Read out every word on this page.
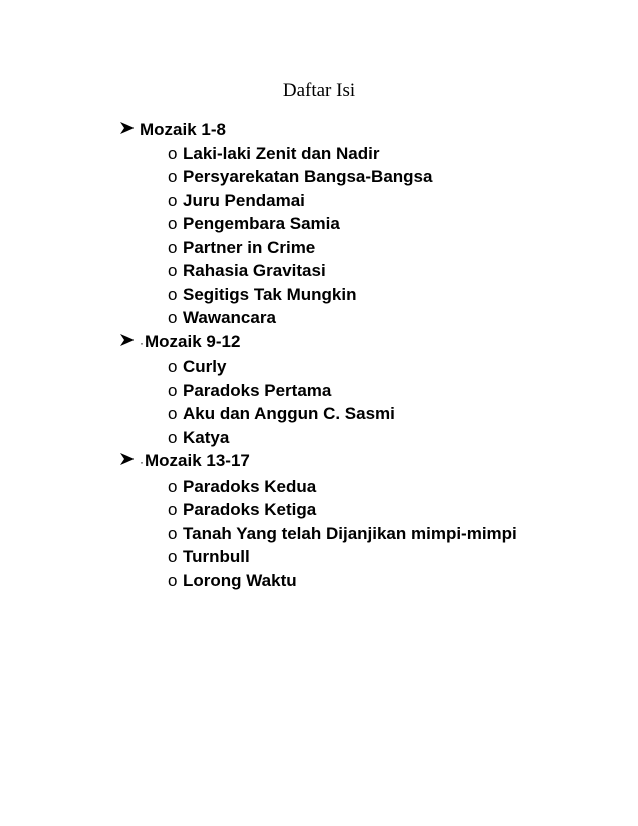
Daftar Isi
Mozaik 1-8
o Laki-laki Zenit dan Nadir
o Persyarekatan Bangsa-Bangsa
o Juru Pendamai
o Pengembara Samia
o Partner in Crime
o Rahasia Gravitasi
o Segitigs Tak Mungkin
o Wawancara
· Mozaik 9-12
o Curly
o Paradoks Pertama
o Aku dan Anggun C. Sasmi
o Katya
· Mozaik 13-17
o Paradoks Kedua
o Paradoks Ketiga
o Tanah Yang telah Dijanjikan mimpi-mimpi
o Turnbull
o Lorong Waktu
